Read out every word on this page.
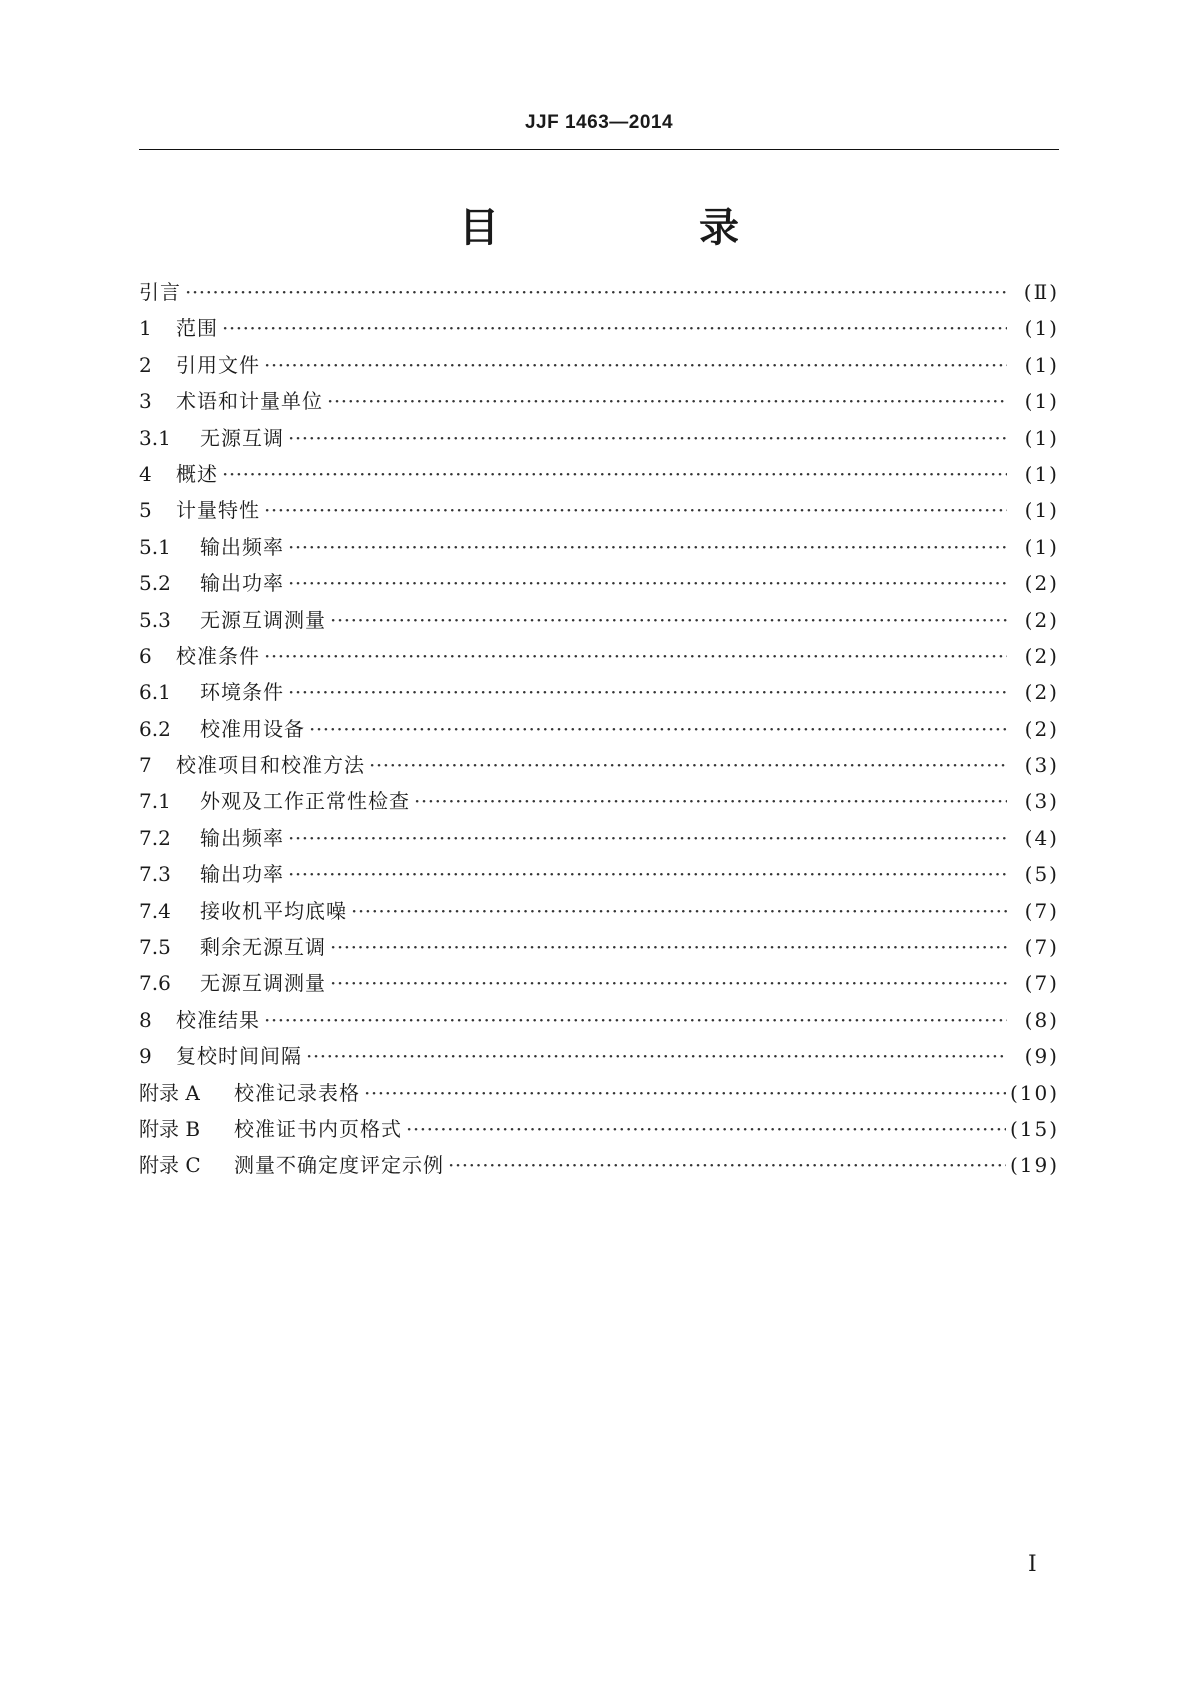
JJF 1463—2014
目　录
引言 ·····	(Ⅱ)
1	范围 ·····	(1)
2	引用文件 ·····	(1)
3	术语和计量单位 ·····	(1)
3.1	无源互调 ·····	(1)
4	概述 ·····	(1)
5	计量特性 ·····	(1)
5.1	输出频率 ·····	(1)
5.2	输出功率 ·····	(2)
5.3	无源互调测量 ·····	(2)
6	校准条件 ·····	(2)
6.1	环境条件 ·····	(2)
6.2	校准用设备 ·····	(2)
7	校准项目和校准方法 ·····	(3)
7.1	外观及工作正常性检查 ·····	(3)
7.2	输出频率 ·····	(4)
7.3	输出功率 ·····	(5)
7.4	接收机平均底噪 ·····	(7)
7.5	剩余无源互调 ·····	(7)
7.6	无源互调测量 ·····	(7)
8	校准结果 ·····	(8)
9	复校时间间隔 ·····	(9)
附录 A	校准记录表格 ·····	(10)
附录 B	校准证书内页格式 ·····	(15)
附录 C	测量不确定度评定示例 ·····	(19)
Ⅰ
